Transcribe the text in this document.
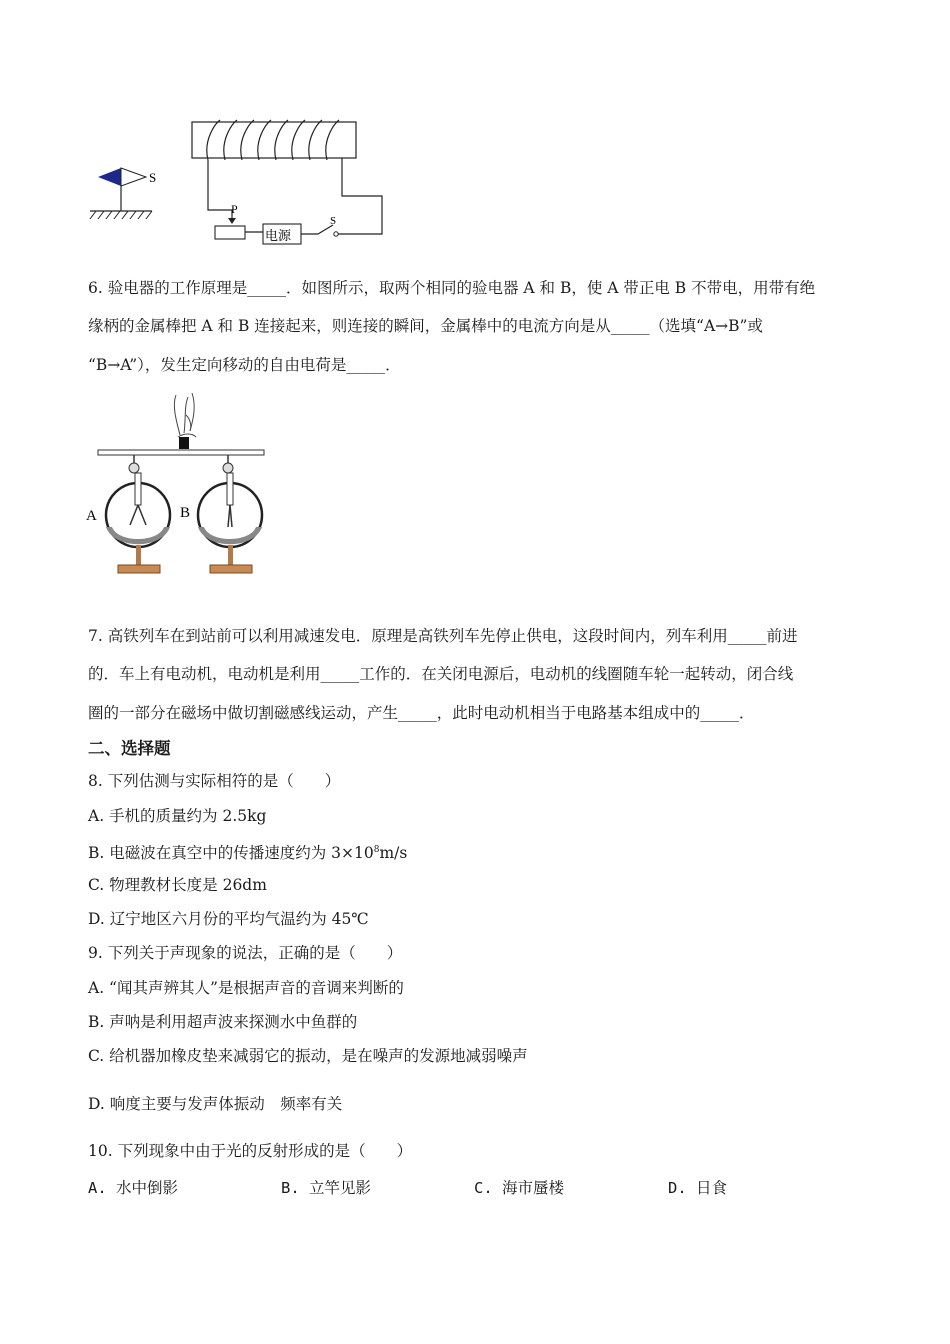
S
P
电源
S
6. 验电器的工作原理是_____．如图所示，取两个相同的验电器 A 和 B，使 A 带正电 B 不带电，用带有绝
缘柄的金属棒把 A 和 B 连接起来，则连接的瞬间，金属棒中的电流方向是从_____（选填“A→B”或
“B→A”），发生定向移动的自由电荷是_____．
A	B
7. 高铁列车在到站前可以利用减速发电．原理是高铁列车先停止供电，这段时间内，列车利用_____前进
的．车上有电动机，电动机是利用_____工作的．在关闭电源后，电动机的线圈随车轮一起转动，闭合线
圈的一部分在磁场中做切割磁感线运动，产生_____，此时电动机相当于电路基本组成中的_____．
二、选择题
8. 下列估测与实际相符的是（　　）
A. 手机的质量约为 2.5kg
B. 电磁波在真空中的传播速度约为 $3\times 10^8m/s$
C. 物理教材长度是 26dm
D. 辽宁地区六月份的平均气温约为 45℃
9. 下列关于声现象的说法，正确的是（　　）
A. “闻其声辨其人”是根据声音的音调来判断的
B. 声呐是利用超声波来探测水中鱼群的
C. 给机器加橡皮垫来减弱它的振动，是在噪声的发源地减弱噪声
D. 响度主要与发声体振动　频率有关
10. 下列现象中由于光的反射形成的是（　　）
A. 水中倒影	B. 立竿见影	C. 海市蜃楼	D. 日食
